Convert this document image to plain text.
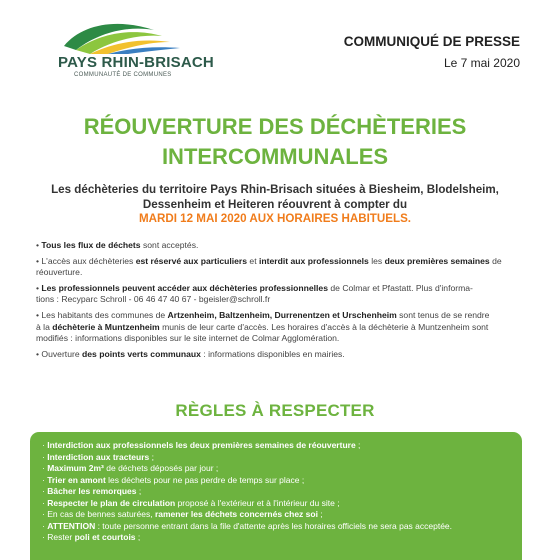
PAYS RHIN-BRISACH
COMMUNAUTÉ DE COMMUNES
COMMUNIQUÉ DE PRESSE
Le 7 mai 2020
RÉOUVERTURE DES DÉCHÈTERIES
INTERCOMMUNALES
Les déchèteries du territoire Pays Rhin-Brisach situées à Biesheim, Blodelsheim,
Dessenheim et Heiteren réouvrent à compter du
MARDI 12 MAI 2020 AUX HORAIRES HABITUELS.

• Tous les flux de déchets sont acceptés.

• L'accès aux déchèteries est réservé aux particuliers et interdit aux professionnels les deux premières semaines de réouverture.

• Les professionnels peuvent accéder aux déchèteries professionnelles de Colmar et Pfastatt. Plus d'informa-
tions : Recyparc Schroll - 06 46 47 40 67 - bgeisler@schroll.fr

• Les habitants des communes de Artzenheim, Baltzenheim, Durrenentzen et Urschenheim sont tenus de se rendre
à la déchèterie à Muntzenheim munis de leur carte d'accès. Les horaires d'accès à la déchèterie à Muntzenheim sont
modifiés : informations disponibles sur le site internet de Colmar Agglomération.

• Ouverture des points verts communaux : informations disponibles en mairies.

RÈGLES À RESPECTER
· Interdiction aux professionnels les deux premières semaines de réouverture ;
· Interdiction aux tracteurs ;
· Maximum 2m³ de déchets déposés par jour ;
· Trier en amont les déchets pour ne pas perdre de temps sur place ;
· Bâcher les remorques ;
· Respecter le plan de circulation proposé à l'extérieur et à l'intérieur du site ;
· En cas de bennes saturées, ramener les déchets concernés chez soi ;
· ATTENTION : toute personne entrant dans la file d'attente après les horaires officiels ne sera pas acceptée.
· Rester poli et courtois ;
